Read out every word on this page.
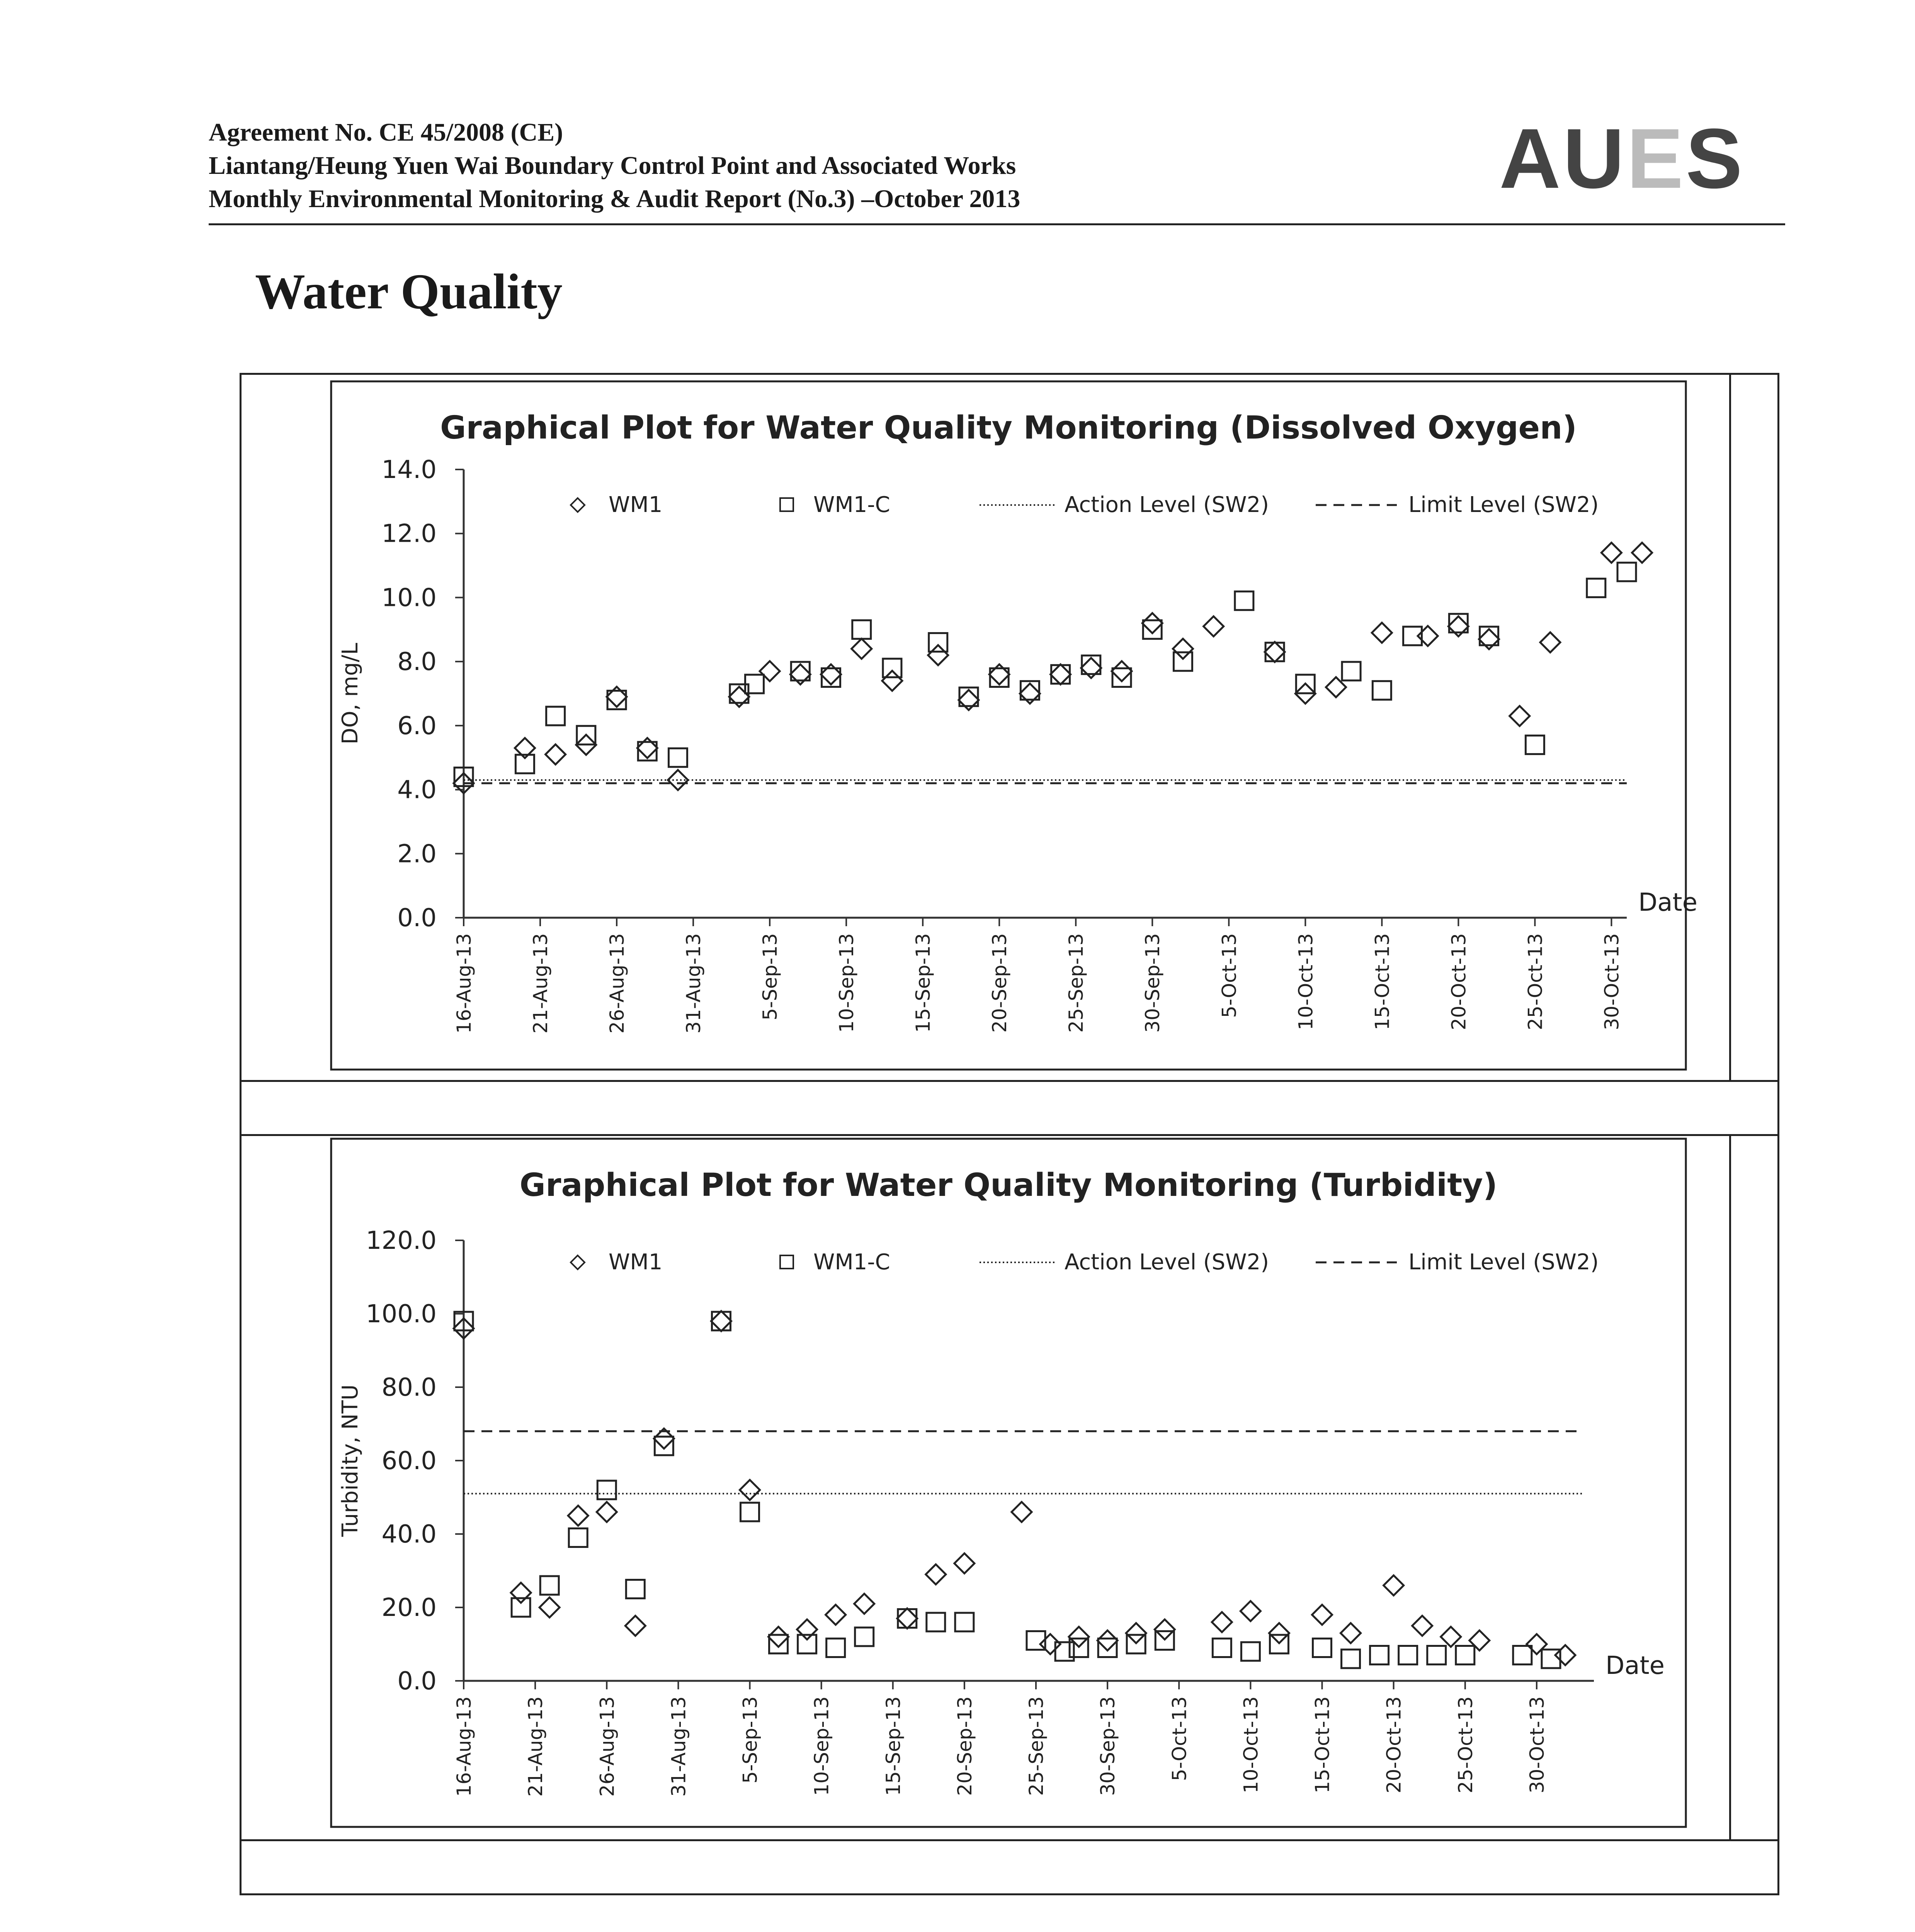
Agreement No. CE 45/2008 (CE)
Liantang/Heung Yuen Wai Boundary Control Point and Associated Works
Monthly Environmental Monitoring & Audit Report (No.3) –October 2013	AUES
Water Quality
Graphical Plot for Water Quality Monitoring (Dissolved Oxygen)
0.0
2.0
4.0
6.0
8.0
10.0
12.0
14.0
DO, mg/L
16-Aug-13	21-Aug-13	26-Aug-13	31-Aug-13	5-Sep-13	10-Sep-13	15-Sep-13	20-Sep-13	25-Sep-13	30-Sep-13	5-Oct-13	10-Oct-13	15-Oct-13	20-Oct-13	25-Oct-13	30-Oct-13
Date
WM1	WM1-C	Action Level (SW2)	Limit Level (SW2)
Graphical Plot for Water Quality Monitoring (Turbidity)
0.0
20.0
40.0
60.0
80.0
100.0
120.0
Turbidity, NTU
16-Aug-13	21-Aug-13	26-Aug-13	31-Aug-13	5-Sep-13	10-Sep-13	15-Sep-13	20-Sep-13	25-Sep-13	30-Sep-13	5-Oct-13	10-Oct-13	15-Oct-13	20-Oct-13	25-Oct-13	30-Oct-13
Date
WM1	WM1-C	Action Level (SW2)	Limit Level (SW2)
